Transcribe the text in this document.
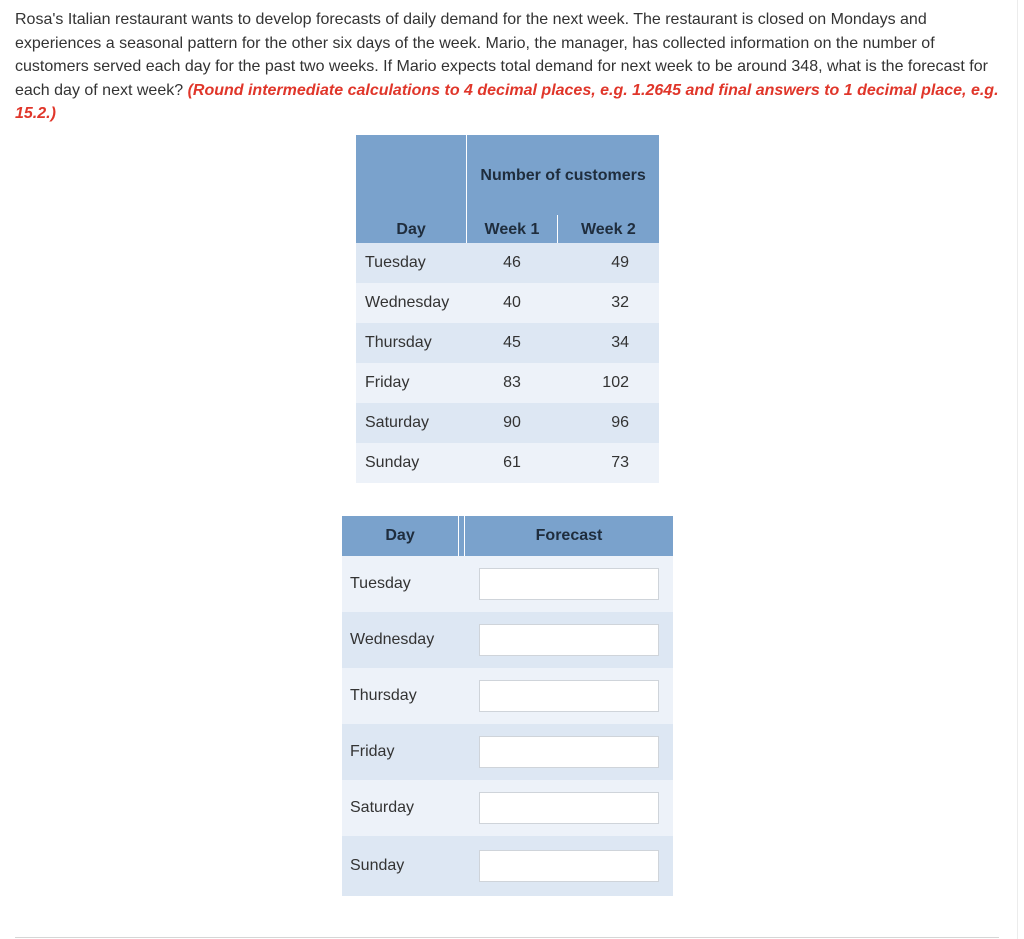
Rosa's Italian restaurant wants to develop forecasts of daily demand for the next week. The restaurant is closed on Mondays and experiences a seasonal pattern for the other six days of the week. Mario, the manager, has collected information on the number of customers served each day for the past two weeks. If Mario expects total demand for next week to be around 348, what is the forecast for each day of next week? (Round intermediate calculations to 4 decimal places, e.g. 1.2645 and final answers to 1 decimal place, e.g. 15.2.)
	Number of customers	
Day	Week 1	Week 2
Tuesday	46	49
Wednesday	40	32
Thursday	45	34
Friday	83	102
Saturday	90	96
Sunday	61	73
Day		Forecast
Tuesday		

Wednesday		

Thursday		

Friday		

Saturday		

Sunday		
